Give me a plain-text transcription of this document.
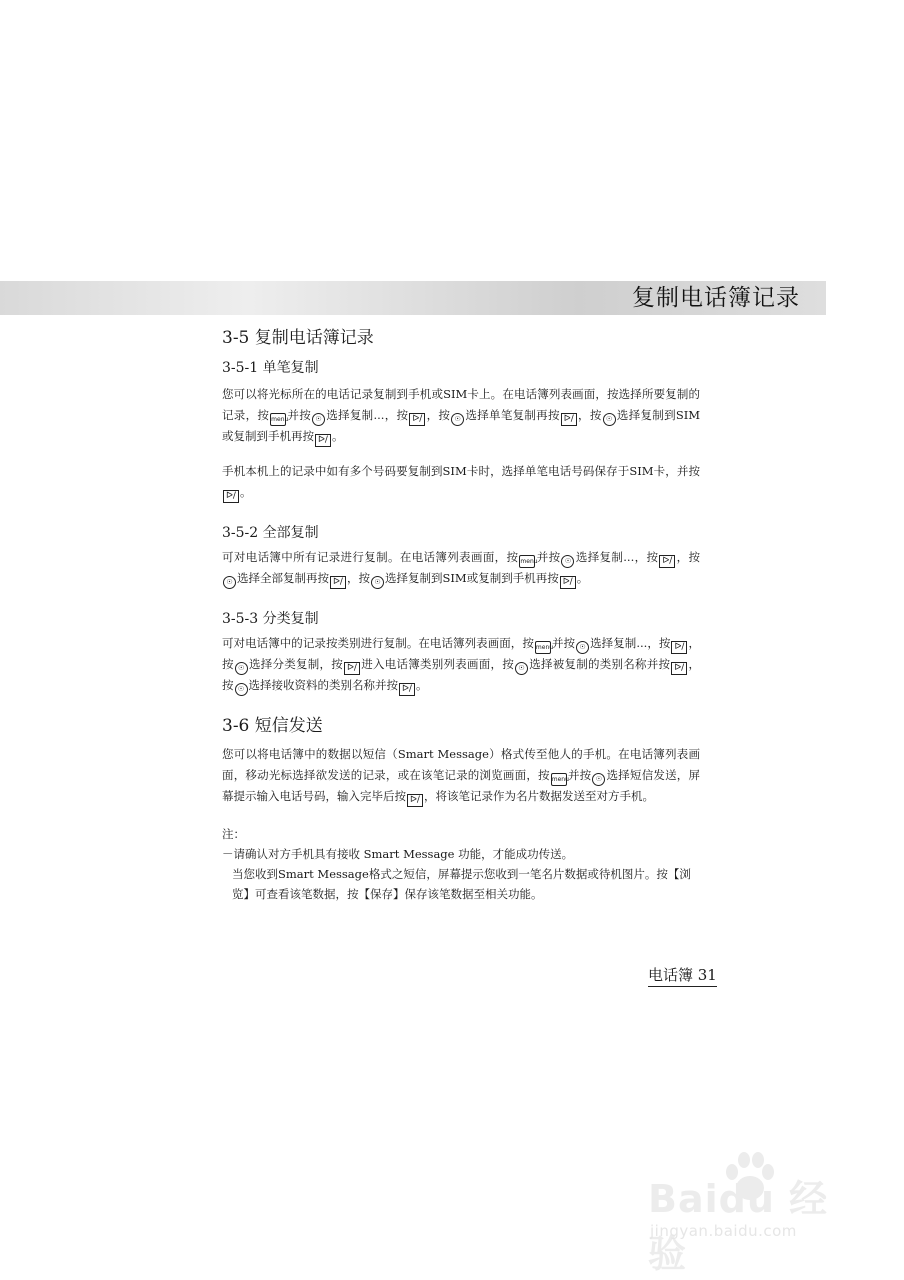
复制电话簿记录
3-5 复制电话簿记录
3-5-1 单笔复制

您可以将光标所在的电话记录复制到手机或SIM卡上。在电话簿列表画面，按选择所要复制的记录，按 menu并按 ☉ 选择复制...，按 ᐅ/ ，按 ☉ 选择单笔复制再按 ᐅ/ ，按 ☉ 选择复制到SIM或复制到手机再按 ᐅ/ 。

手机本机上的记录中如有多个号码要复制到SIM卡时，选择单笔电话号码保存于SIM卡，并按ᐅ/ 。

3-5-2 全部复制

可对电话簿中所有记录进行复制。在电话簿列表画面，按 menu并按 ☉ 选择复制...，按 ᐅ/ ，按☉ 选择全部复制再按 ᐅ/ ，按 ☉ 选择复制到SIM或复制到手机再按 ᐅ/ 。

3-5-3 分类复制

可对电话簿中的记录按类别进行复制。在电话簿列表画面，按 menu并按 ☉ 选择复制...，按 ᐅ/ ，按 ☉ 选择分类复制，按 ᐅ/ 进入电话簿类别列表画面，按 ☉ 选择被复制的类别名称并按 ᐅ/ ，按 ☉ 选择接收资料的类别名称并按 ᐅ/ 。

3-6 短信发送

您可以将电话簿中的数据以短信（Smart Message）格式传至他人的手机。在电话簿列表画面，移动光标选择欲发送的记录，或在该笔记录的浏览画面，按 menu并按 ☉ 选择短信发送，屏幕提示输入电话号码，输入完毕后按 ᐅ/ ，将该笔记录作为名片数据发送至对方手机。

注：

－请确认对方手机具有接收 Smart Message 功能，才能成功传送。

当您收到Smart Message格式之短信，屏幕提示您收到一笔名片数据或待机图片。按【浏览】可查看该笔数据，按【保存】保存该笔数据至相关功能。

电话簿 31
Baidu 经验
jingyan.baidu.com
